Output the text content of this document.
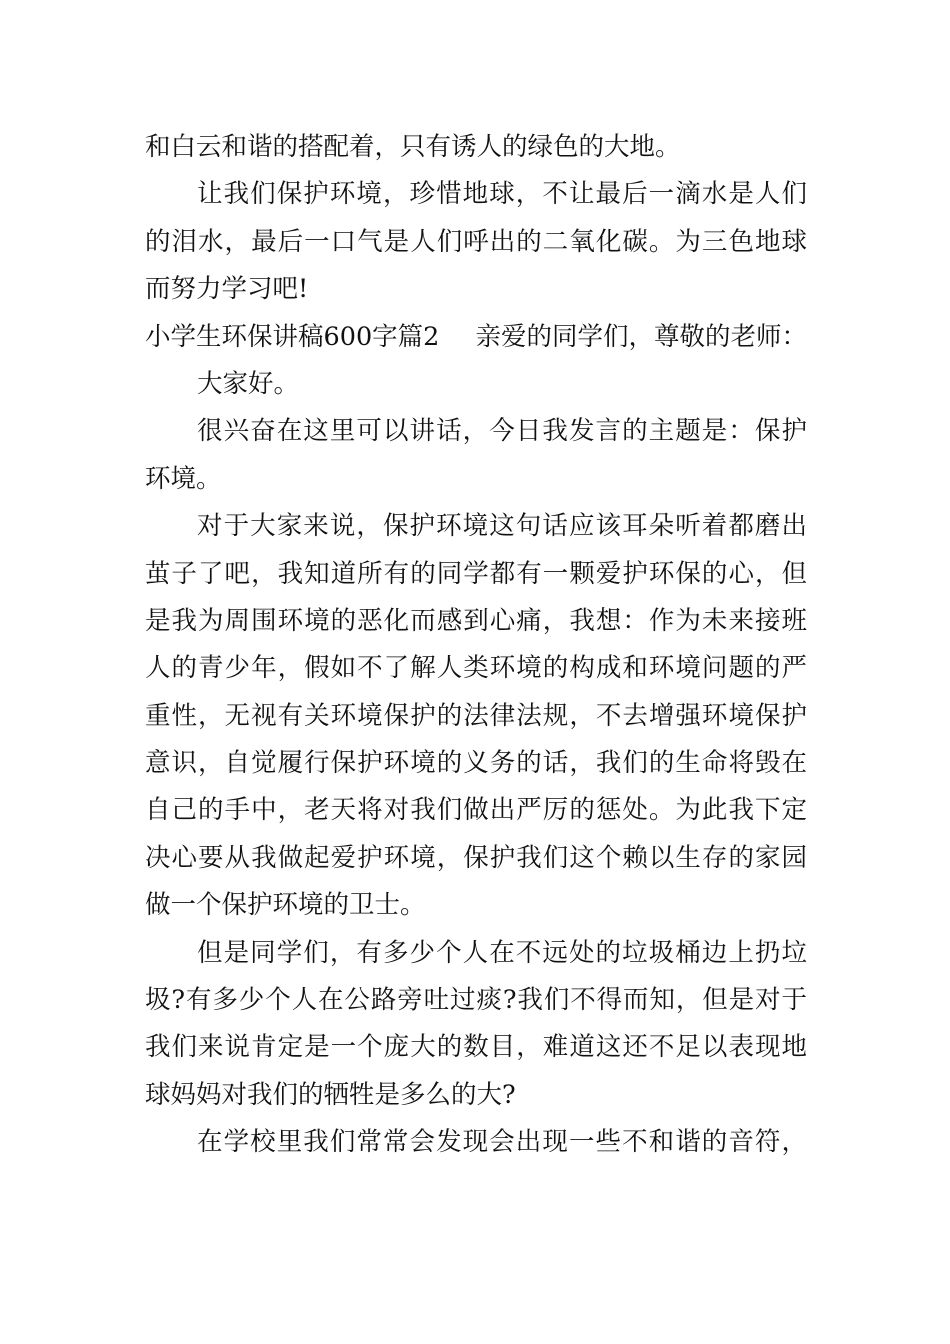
和白云和谐的搭配着，只有诱人的绿色的大地。
让我们保护环境，珍惜地球，不让最后一滴水是人们
的泪水，最后一口气是人们呼出的二氧化碳。为三色地球
而努力学习吧!
小学生环保讲稿600字篇2 亲爱的同学们，尊敬的老师：
大家好。
很兴奋在这里可以讲话，今日我发言的主题是：保护
环境。
对于大家来说，保护环境这句话应该耳朵听着都磨出
茧子了吧，我知道所有的同学都有一颗爱护环保的心，但
是我为周围环境的恶化而感到心痛，我想：作为未来接班
人的青少年，假如不了解人类环境的构成和环境问题的严
重性，无视有关环境保护的法律法规，不去增强环境保护
意识，自觉履行保护环境的义务的话，我们的生命将毁在
自己的手中，老天将对我们做出严厉的惩处。为此我下定
决心要从我做起爱护环境，保护我们这个赖以生存的家园
做一个保护环境的卫士。
但是同学们，有多少个人在不远处的垃圾桶边上扔垃
圾?有多少个人在公路旁吐过痰?我们不得而知，但是对于
我们来说肯定是一个庞大的数目，难道这还不足以表现地
球妈妈对我们的牺牲是多么的大?
在学校里我们常常会发现会出现一些不和谐的音符，
